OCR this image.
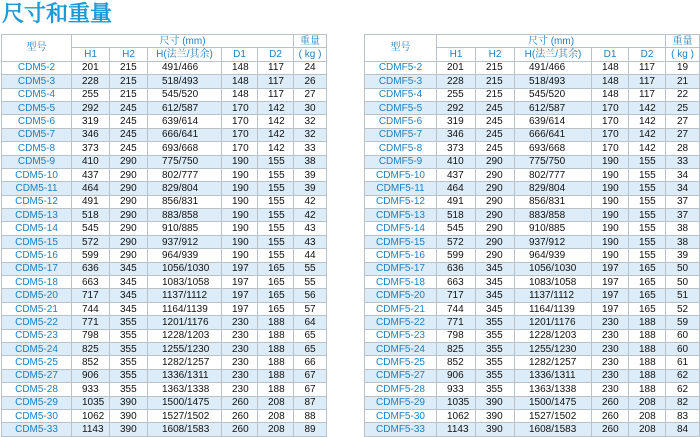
尺寸和重量
型号	尺寸 (mm)					重量
	H1	H2	H(法兰/其余)	D1	D2	( kg )
CDM5-2	201	215	491/466	148	117	24
CDM5-3	228	215	518/493	148	117	26
CDM5-4	255	215	545/520	148	117	27
CDM5-5	292	245	612/587	170	142	30
CDM5-6	319	245	639/614	170	142	32
CDM5-7	346	245	666/641	170	142	32
CDM5-8	373	245	693/668	170	142	33
CDM5-9	410	290	775/750	190	155	38
CDM5-10	437	290	802/777	190	155	39
CDM5-11	464	290	829/804	190	155	39
CDM5-12	491	290	856/831	190	155	42
CDM5-13	518	290	883/858	190	155	42
CDM5-14	545	290	910/885	190	155	43
CDM5-15	572	290	937/912	190	155	43
CDM5-16	599	290	964/939	190	155	44
CDM5-17	636	345	1056/1030	197	165	55
CDM5-18	663	345	1083/1058	197	165	55
CDM5-20	717	345	1137/1112	197	165	56
CDM5-21	744	345	1164/1139	197	165	57
CDM5-22	771	355	1201/1176	230	188	64
CDM5-23	798	355	1228/1203	230	188	65
CDM5-24	825	355	1255/1230	230	188	65
CDM5-25	852	355	1282/1257	230	188	66
CDM5-27	906	355	1336/1311	230	188	67
CDM5-28	933	355	1363/1338	230	188	67
CDM5-29	1035	390	1500/1475	260	208	87
CDM5-30	1062	390	1527/1502	260	208	88
CDM5-33	1143	390	1608/1583	260	208	89
型号	尺寸 (mm)					重量
	H1	H2	H(法兰/其余)	D1	D2	( kg )
CDMF5-2	201	215	491/466	148	117	19
CDMF5-3	228	215	518/493	148	117	21
CDMF5-4	255	215	545/520	148	117	22
CDMF5-5	292	245	612/587	170	142	25
CDMF5-6	319	245	639/614	170	142	27
CDMF5-7	346	245	666/641	170	142	27
CDMF5-8	373	245	693/668	170	142	28
CDMF5-9	410	290	775/750	190	155	33
CDMF5-10	437	290	802/777	190	155	34
CDMF5-11	464	290	829/804	190	155	34
CDMF5-12	491	290	856/831	190	155	37
CDMF5-13	518	290	883/858	190	155	37
CDMF5-14	545	290	910/885	190	155	38
CDMF5-15	572	290	937/912	190	155	38
CDMF5-16	599	290	964/939	190	155	39
CDMF5-17	636	345	1056/1030	197	165	50
CDMF5-18	663	345	1083/1058	197	165	50
CDMF5-20	717	345	1137/1112	197	165	51
CDMF5-21	744	345	1164/1139	197	165	52
CDMF5-22	771	355	1201/1176	230	188	59
CDMF5-23	798	355	1228/1203	230	188	60
CDMF5-24	825	355	1255/1230	230	188	60
CDMF5-25	852	355	1282/1257	230	188	61
CDMF5-27	906	355	1336/1311	230	188	62
CDMF5-28	933	355	1363/1338	230	188	62
CDMF5-29	1035	390	1500/1475	260	208	82
CDMF5-30	1062	390	1527/1502	260	208	83
CDMF5-33	1143	390	1608/1583	260	208	84
